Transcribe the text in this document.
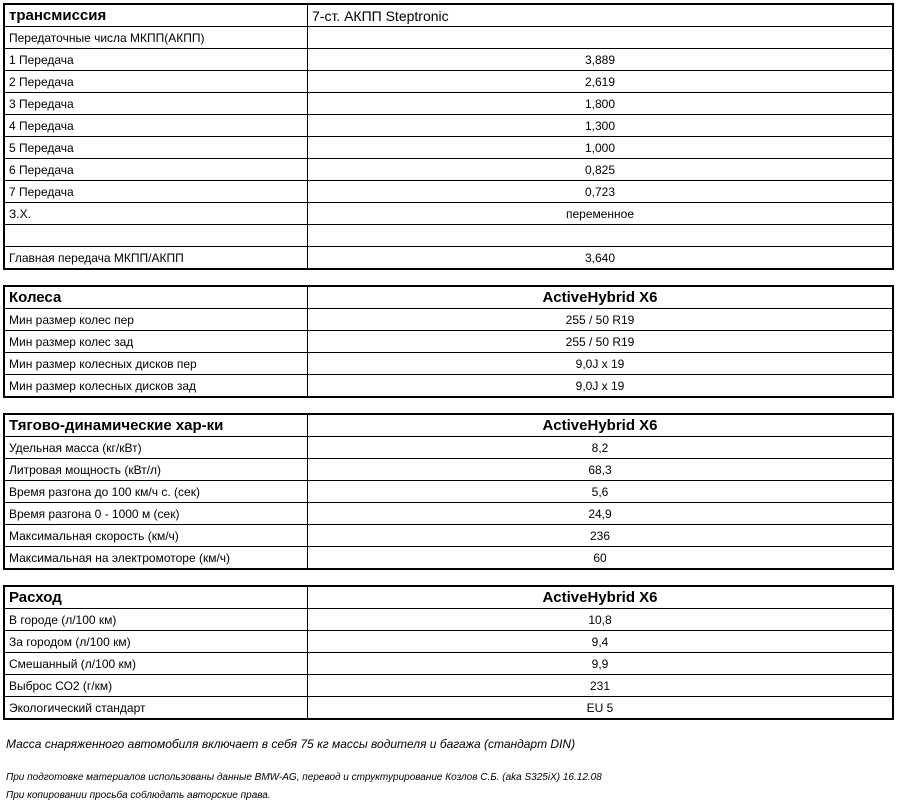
трансмиссия	7-ст. АКПП Steptronic
Передаточные числа МКПП(АКПП)	
1 Передача	3,889
2 Передача	2,619
3 Передача	1,800
4 Передача	1,300
5 Передача	1,000
6 Передача	0,825
7 Передача	0,723
З.Х.	переменное

Главная передача МКПП/АКПП	3,640
Колеса	ActiveHybrid X6
Мин размер колес пер	255 / 50 R19
Мин размер колес зад	255 / 50 R19
Мин размер колесных дисков пер	9,0J x 19
Мин размер колесных дисков зад	9,0J x 19
Тягово-динамические хар-ки	ActiveHybrid X6
Удельная масса (кг/кВт)	8,2
Литровая мощность (кВт/л)	68,3
Время разгона до 100 км/ч с. (сек)	5,6
Время разгона 0 - 1000 м (сек)	24,9
Максимальная скорость (км/ч)	236
Максимальная на электромоторе (км/ч)	60
Расход	ActiveHybrid X6
В городе (л/100 км)	10,8
За городом (л/100 км)	9,4
Смешанный (л/100 км)	9,9
Выброс СО2 (г/км)	231
Экологический стандарт	EU 5
Масса снаряженного автомобиля включает в себя 75 кг массы водителя и багажа (стандарт DIN)
При подготовке материалов использованы данные BMW-AG, перевод и структурирование Козлов С.Б. (aka S325iX) 16.12.08
При копировании просьба соблюдать авторские права.
